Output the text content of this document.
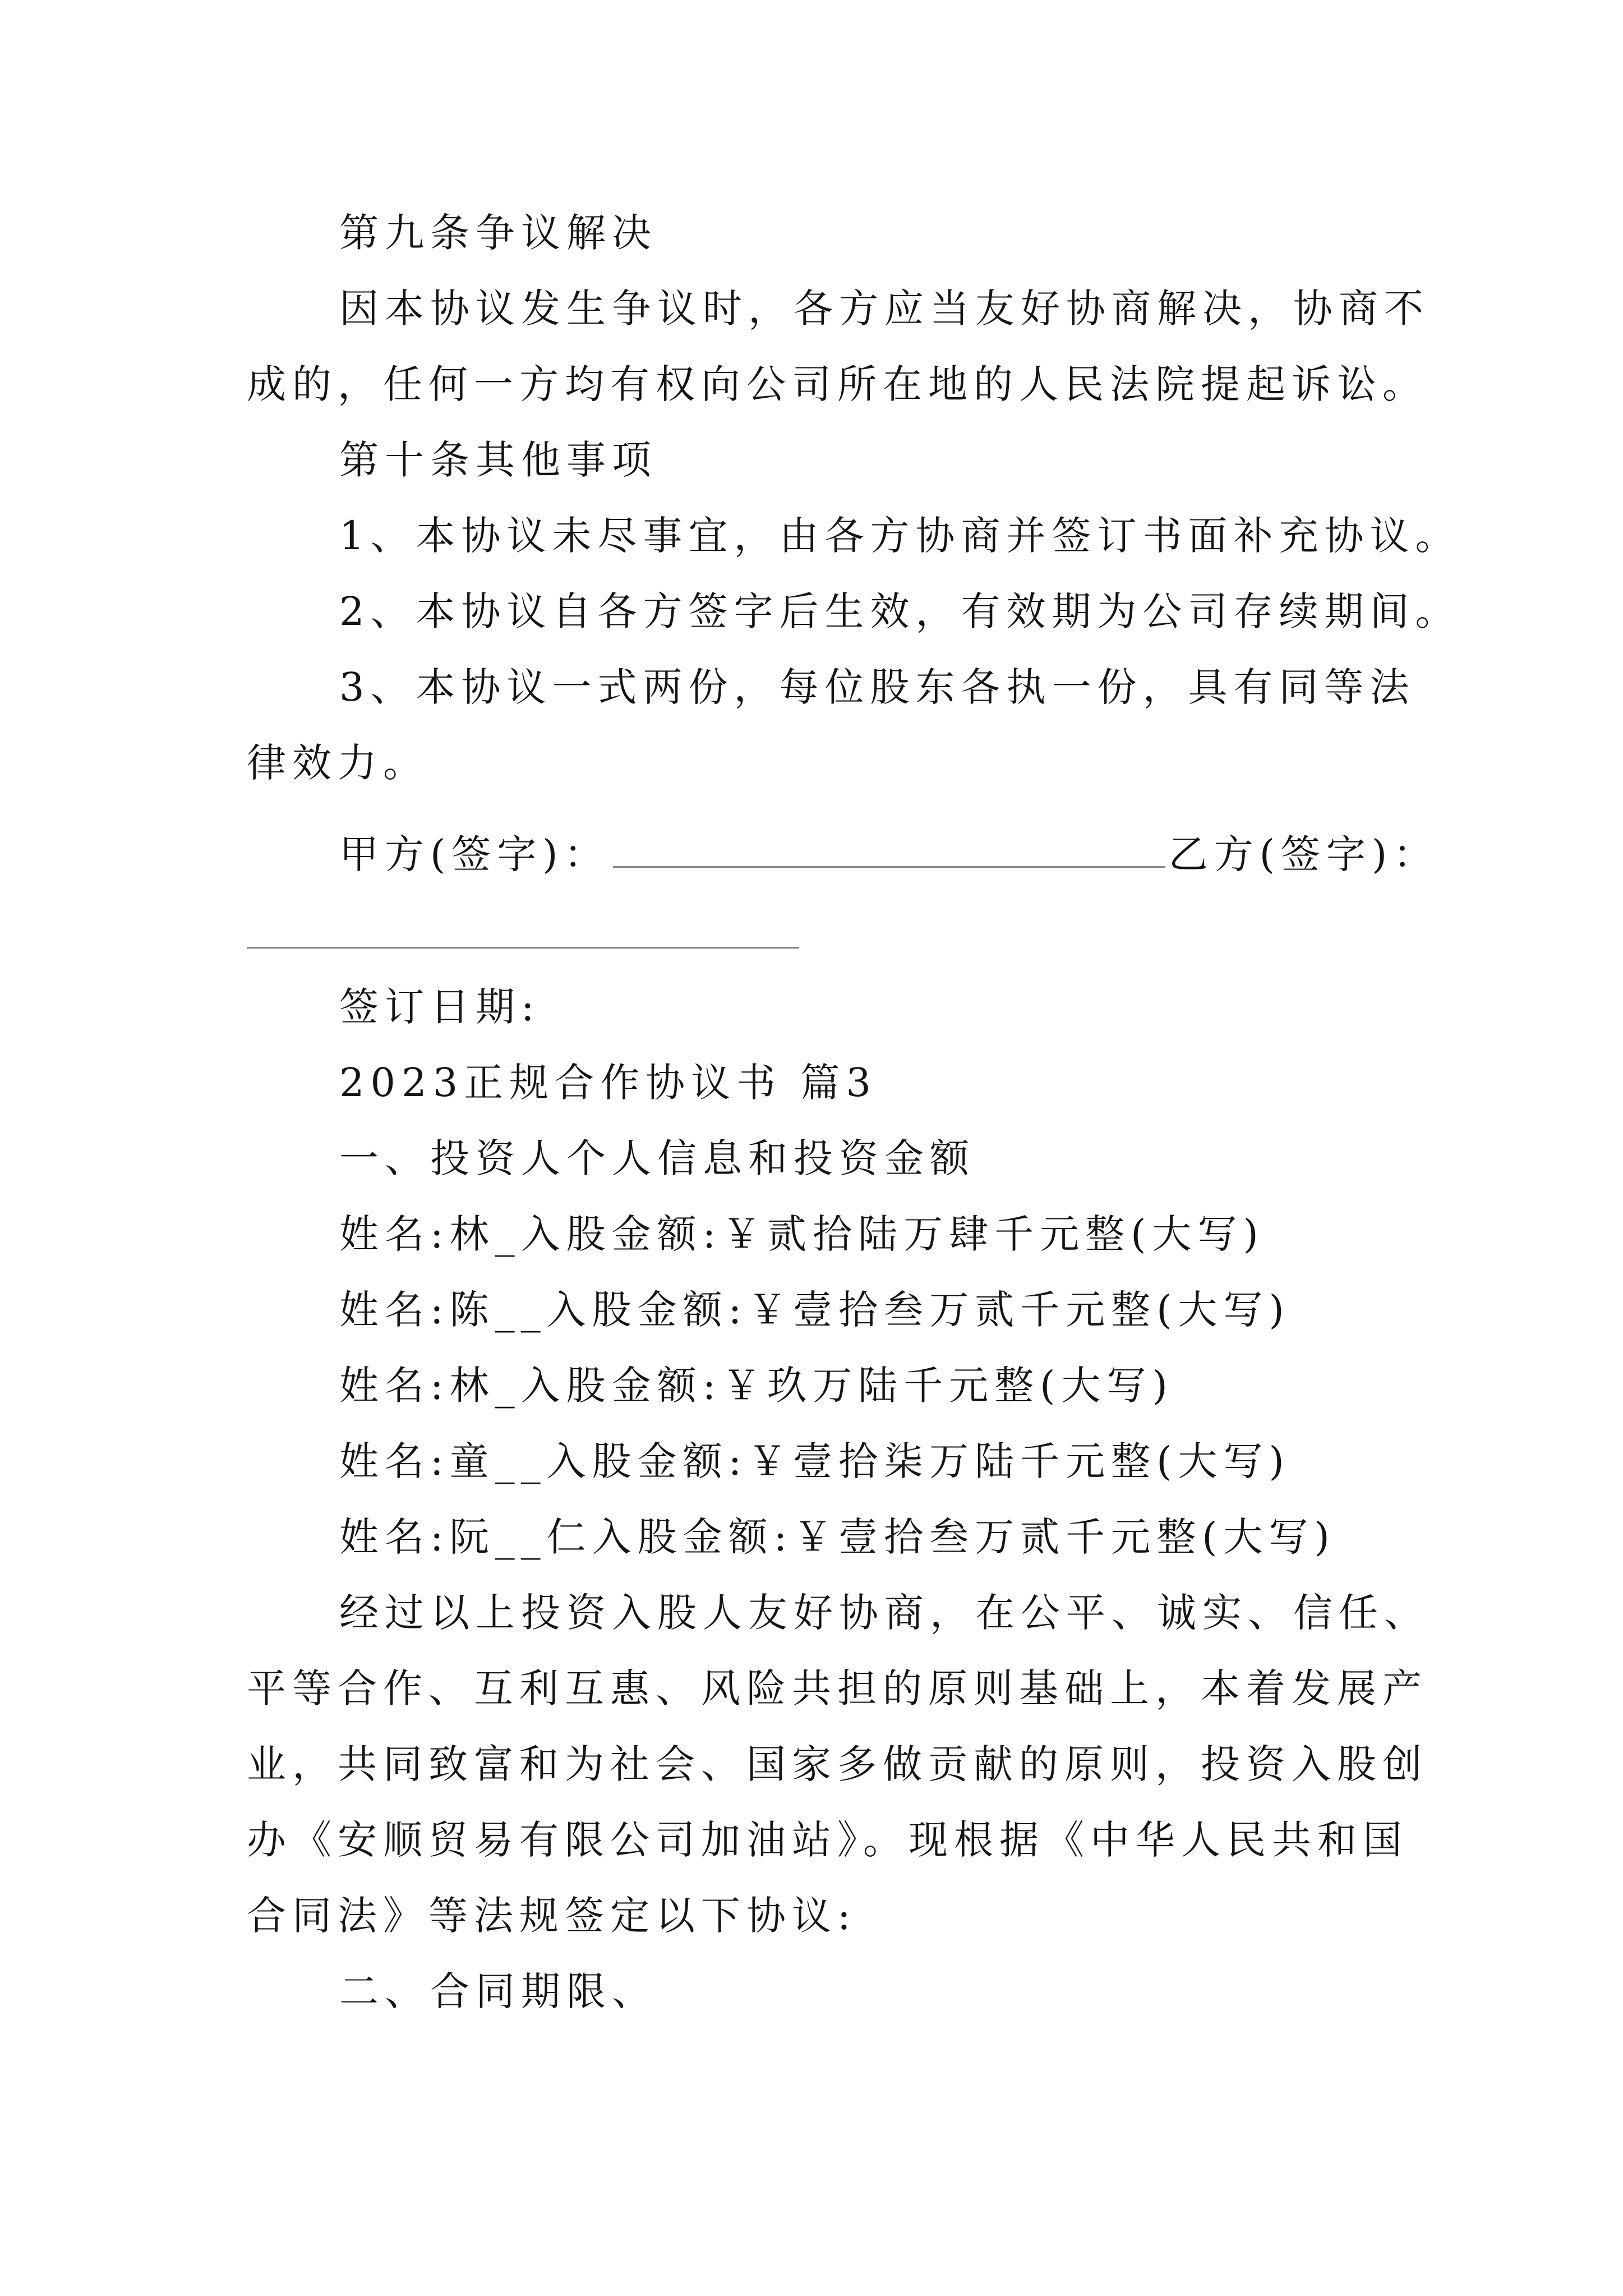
第九条争议解决
因本协议发生争议时，各方应当友好协商解决，协商不
成的，任何一方均有权向公司所在地的人民法院提起诉讼。
第十条其他事项
1、本协议未尽事宜，由各方协商并签订书面补充协议。
2、本协议自各方签字后生效，有效期为公司存续期间。
3、本协议一式两份，每位股东各执一份，具有同等法
律效力。
甲方(签字)：	乙方(签字)：
签订日期:
2023正规合作协议书 篇3
一、投资人个人信息和投资金额
姓名:林_入股金额:￥贰拾陆万肆千元整(大写)
姓名:陈__入股金额:￥壹拾叁万贰千元整(大写)
姓名:林_入股金额:￥玖万陆千元整(大写)
姓名:童__入股金额:￥壹拾柒万陆千元整(大写)
姓名:阮__仁入股金额:￥壹拾叁万贰千元整(大写)
经过以上投资入股人友好协商，在公平、诚实、信任、
平等合作、互利互惠、风险共担的原则基础上，本着发展产
业，共同致富和为社会、国家多做贡献的原则，投资入股创
办《安顺贸易有限公司加油站》。现根据《中华人民共和国
合同法》等法规签定以下协议:
二、合同期限、
